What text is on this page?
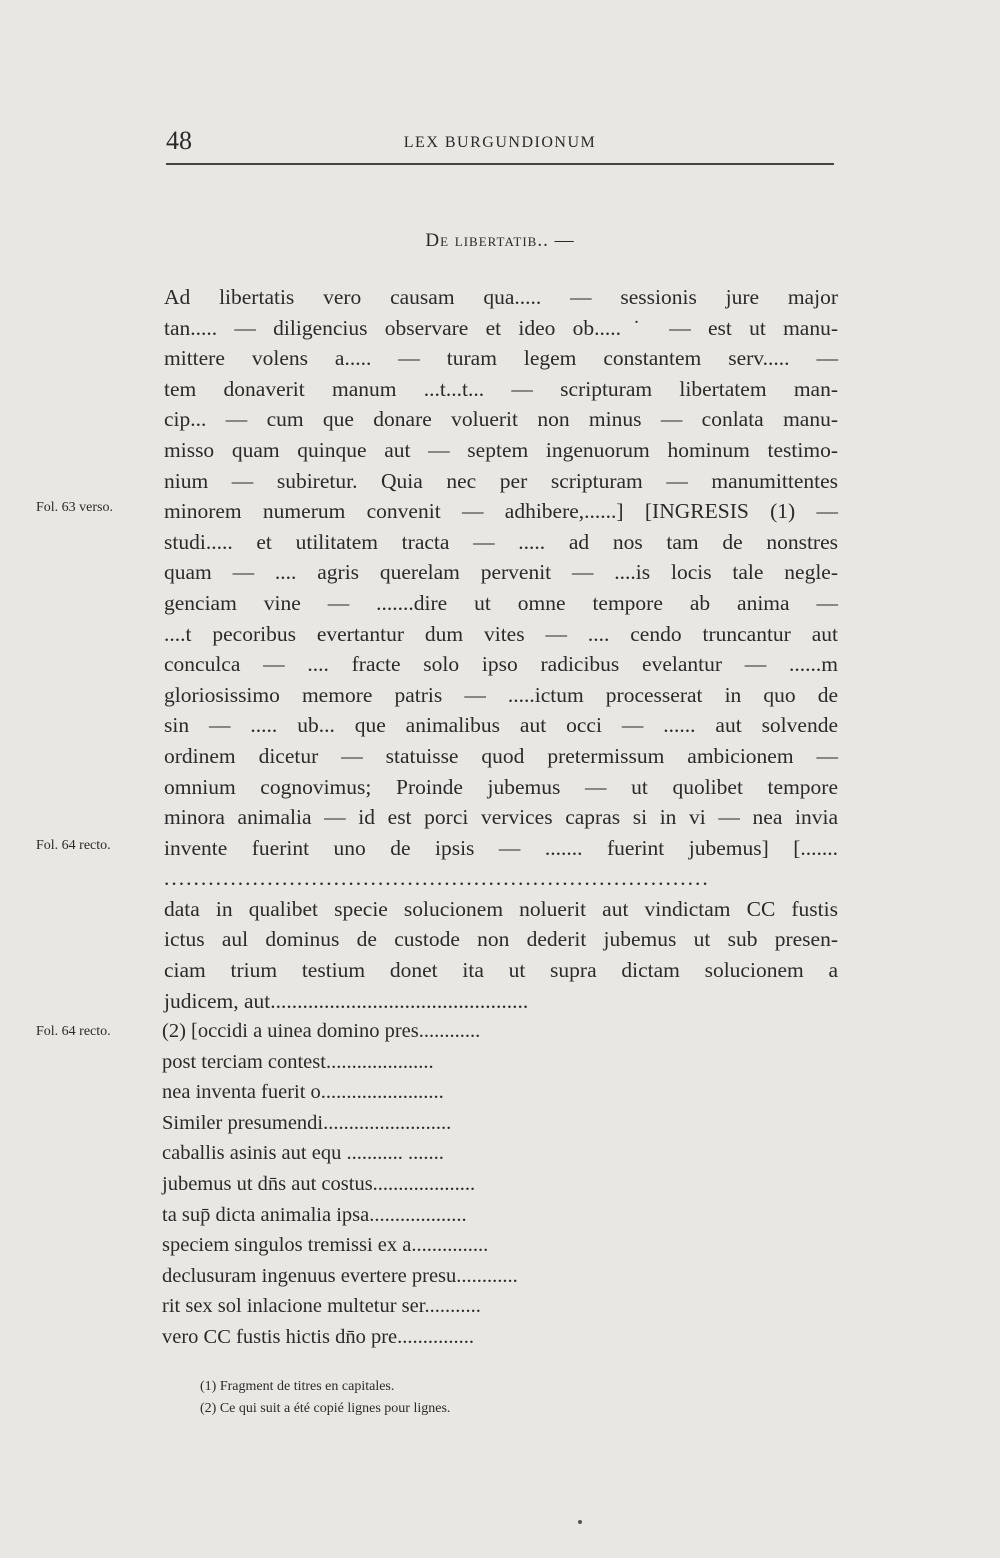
48	LEX BURGUNDIONUM
De libertatib.. —
Ad libertatis vero causam qua..... — sessionis jure major
tan..... — diligencius observare et ideo ob.....˙ — est ut manu-
mittere volens a..... — turam legem constantem serv..... —
tem donaverit manum ...t...t... — scripturam libertatem man-
cip... — cum que donare voluerit non minus — conlata manu-
misso quam quinque aut — septem ingenuorum hominum testimo-
nium — subiretur. Quia nec per scripturam — manumittentes
minorem numerum convenit — adhibere,......] [INGRESIS (1) —
studi..... et utilitatem tracta — ..... ad nos tam de nonstres
quam — .... agris querelam pervenit — ....is locis tale negle-
genciam vine — .......dire ut omne tempore ab anima —
....t pecoribus evertantur dum vites — .... cendo truncantur aut
conculca — .... fracte solo ipso radicibus evelantur — ......m
gloriosissimo memore patris — .....ictum processerat in quo de
sin — ..... ub... que animalibus aut occi — ...... aut solvende
ordinem dicetur — statuisse quod pretermissum ambicionem —
omnium cognovimus; Proinde jubemus — ut quolibet tempore
minora animalia — id est porci vervices capras si in vi — nea invia
invente fuerint uno de ipsis — ....... fuerint jubemus] [.......
..........................................................................
data in qualibet specie solucionem noluerit aut vindictam CC fustis
ictus aul dominus de custode non dederit jubemus ut sub presen-
ciam trium testium donet ita ut supra dictam solucionem a
judicem, aut................................................
(2) [occidi a uinea domino pres............
post terciam contest.....................
nea inventa fuerit o........................
Similer presumendi.........................
caballis asinis aut equ ........... .......
jubemus ut dn̄s aut costus....................
ta sup̄ dicta animalia ipsa...................
speciem singulos tremissi ex a...............
declusuram ingenuus evertere presu............
rit sex sol inlacione multetur ser...........
vero CC fustis hictis dn̄o pre...............
Fol. 63 verso.
Fol. 64 recto.
Fol. 64 recto.
(1) Fragment de titres en capitales.
(2) Ce qui suit a été copié lignes pour lignes.
